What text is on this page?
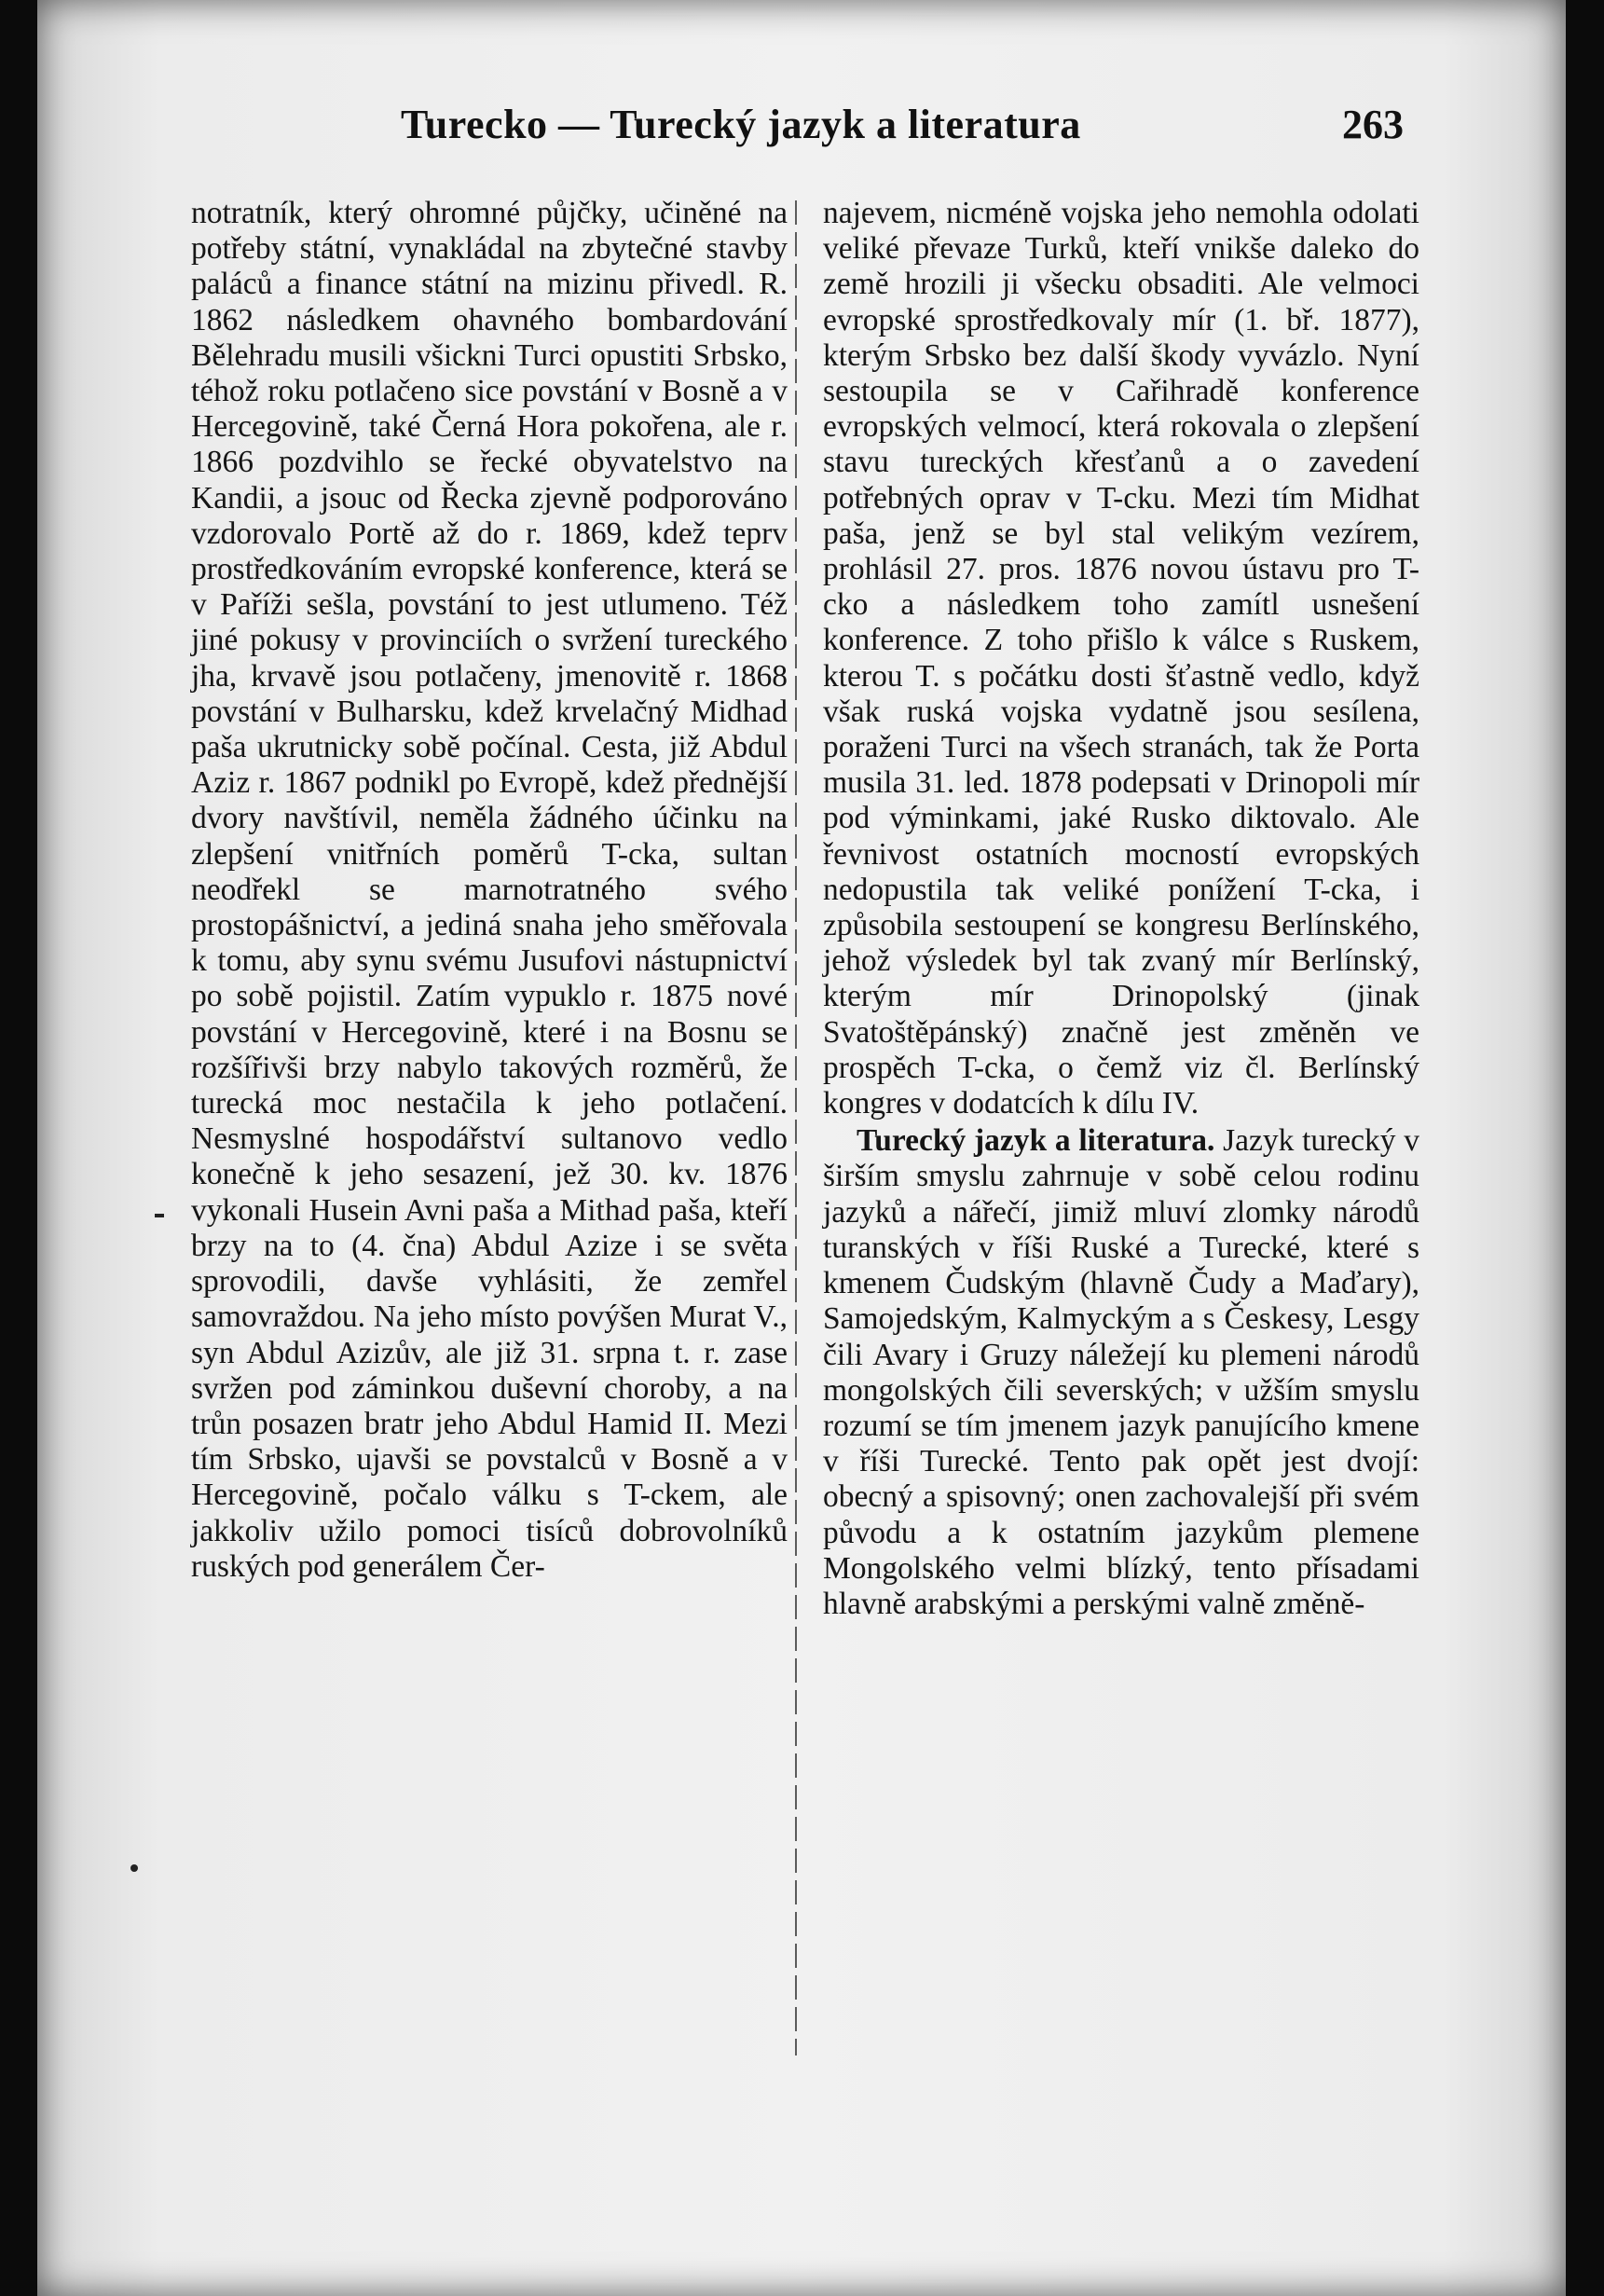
Turecko — Turecký jazyk a literatura	263

notratník, který ohromné půjčky, učiněné na potřeby státní, vynakládal na zbytečné stavby paláců a finance státní na mizinu přivedl. R. 1862 následkem ohavného bombardování Bělehradu musili všickni Turci opustiti Srbsko, téhož roku potlačeno sice povstání v Bosně a v Hercegovině, také Černá Hora pokořena, ale r. 1866 pozdvihlo se řecké obyvatelstvo na Kandii, a jsouc od Řecka zjevně podporováno vzdorovalo Portě až do r. 1869, kdež teprv prostředkováním evropské konference, která se v Paříži sešla, povstání to jest utlumeno. Též jiné pokusy v provinciích o svržení tureckého jha, krvavě jsou potlačeny, jmenovitě r. 1868 povstání v Bulharsku, kdež krvelačný Midhad paša ukrutnicky sobě počínal. Cesta, již Abdul Aziz r. 1867 podnikl po Evropě, kdež přednější dvory navštívil, neměla žádného účinku na zlepšení vnitřních poměrů T-cka, sultan neodřekl se marnotratného svého prostopášnictví, a jediná snaha jeho směřovala k tomu, aby synu svému Jusufovi nástupnictví po sobě pojistil. Zatím vypuklo r. 1875 nové povstání v Hercegovině, které i na Bosnu se rozšířivši brzy nabylo takových rozměrů, že turecká moc nestačila k jeho potlačení. Nesmyslné hospodářství sultanovo vedlo konečně k jeho sesazení, jež 30. kv. 1876 vykonali Husein Avni paša a Mithad paša, kteří brzy na to (4. čna) Abdul Azize i se světa sprovodili, davše vyhlásiti, že zemřel samovraždou. Na jeho místo povýšen Murat V., syn Abdul Azizův, ale již 31. srpna t. r. zase svržen pod záminkou duševní choroby, a na trůn posazen bratr jeho Abdul Hamid II. Mezi tím Srbsko, ujavši se povstalců v Bosně a v Hercegovině, počalo válku s T-ckem, ale jakkoliv užilo pomoci tisíců dobrovolníků ruských pod generálem Čer-

najevem, nicméně vojska jeho nemohla odolati veliké převaze Turků, kteří vnikše daleko do země hrozili ji všecku obsaditi. Ale velmoci evropské sprostředkovaly mír (1. bř. 1877), kterým Srbsko bez další škody vyvázlo. Nyní sestoupila se v Cařihradě konference evropských velmocí, která rokovala o zlepšení stavu tureckých křesťanů a o zavedení potřebných oprav v T-cku. Mezi tím Midhat paša, jenž se byl stal velikým vezírem, prohlásil 27. pros. 1876 novou ústavu pro T-cko a následkem toho zamítl usnešení konference. Z toho přišlo k válce s Ruskem, kterou T. s počátku dosti šťastně vedlo, když však ruská vojska vydatně jsou sesílena, poraženi Turci na všech stranách, tak že Porta musila 31. led. 1878 podepsati v Drinopoli mír pod výminkami, jaké Rusko diktovalo. Ale řevnivost ostatních mocností evropských nedopustila tak veliké ponížení T-cka, i způsobila sestoupení se kongresu Berlínského, jehož výsledek byl tak zvaný mír Berlínský, kterým mír Drinopolský (jinak Svatoštěpánský) značně jest změněn ve prospěch T-cka, o čemž viz čl. Berlínský kongres v dodatcích k dílu IV.

Turecký jazyk a literatura. Jazyk turecký v širším smyslu zahrnuje v sobě celou rodinu jazyků a nářečí, jimiž mluví zlomky národů turanských v říši Ruské a Turecké, které s kmenem Čudským (hlavně Čudy a Maďary), Samojedským, Kalmyckým a s Českesy, Lesgy čili Avary i Gruzy náležejí ku plemeni národů mongolských čili severských; v užším smyslu rozumí se tím jmenem jazyk panujícího kmene v říši Turecké. Tento pak opět jest dvojí: obecný a spisovný; onen zachovalejší při svém původu a k ostatním jazykům plemene Mongolského velmi blízký, tento přísadami hlavně arabskými a perskými valně změně-
